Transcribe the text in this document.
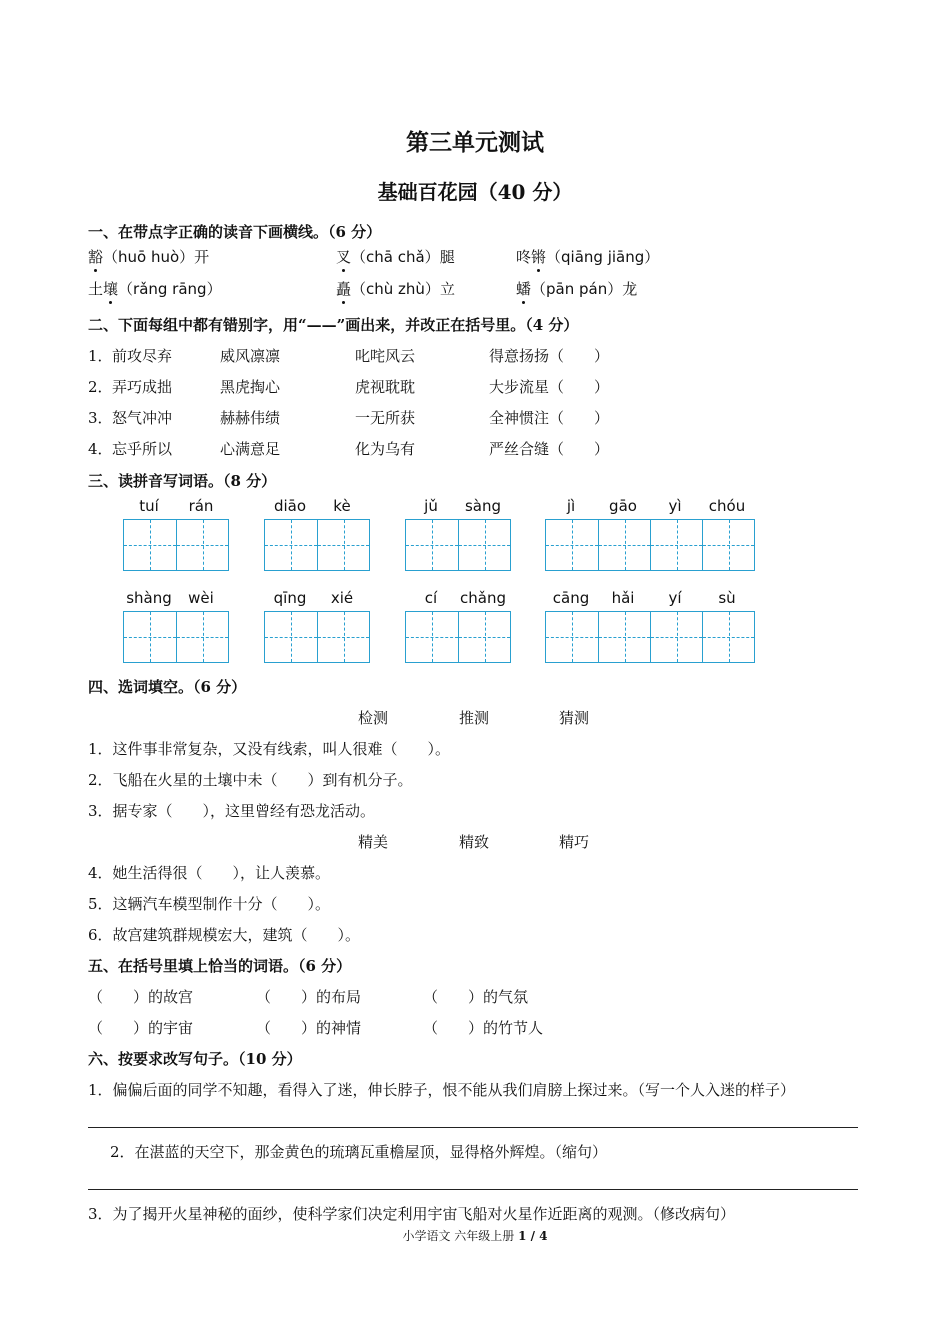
第三单元测试
基础百花园（40 分）
一、在带点字正确的读音下画横线。（6 分）
豁（huō huò）开	叉（chā chǎ）腿	咚锵（qiāng jiāng）
土壤（rǎng rāng）	矗（chù zhù）立	蟠（pān pán）龙
二、下面每组中都有错别字，用“——”画出来，并改正在括号里。（4 分）
1． 前攻尽弃	威风凛凛	叱咤风云	得意扬扬（　　）
2． 弄巧成拙	黑虎掏心	虎视耽耽	大步流星（　　）
3． 怒气冲冲	赫赫伟绩	一无所获	全神惯注（　　）
4． 忘乎所以	心满意足	化为乌有	严丝合缝（　　）
三、读拼音写词语。（8 分）
tuí	rán	diāo	kè	jǔ	sàng	jì	gāo	yì	chóu
shàng	wèi	qīng	xié	cí	chǎng	cāng	hǎi	yí	sù
四、选词填空。（6 分）
检测	推测	猜测
1．这件事非常复杂，又没有线索，叫人很难（　　）。
2．飞船在火星的土壤中未（　　）到有机分子。
3．据专家（　　），这里曾经有恐龙活动。
精美	精致	精巧
4．她生活得很（　　），让人羡慕。
5．这辆汽车模型制作十分（　　）。
6．故宫建筑群规模宏大，建筑（　　）。
五、在括号里填上恰当的词语。（6 分）
（　　）的故宫	（　　）的布局	（　　）的气氛
（　　）的宇宙	（　　）的神情	（　　）的竹节人
六、按要求改写句子。（10 分）
1．偏偏后面的同学不知趣，看得入了迷，伸长脖子，恨不能从我们肩膀上探过来。（写一个人入迷的样子）
2．在湛蓝的天空下，那金黄色的琉璃瓦重檐屋顶，显得格外辉煌。（缩句）
3．为了揭开火星神秘的面纱，使科学家们决定利用宇宙飞船对火星作近距离的观测。（修改病句）
小学语文 六年级上册 1 / 4
